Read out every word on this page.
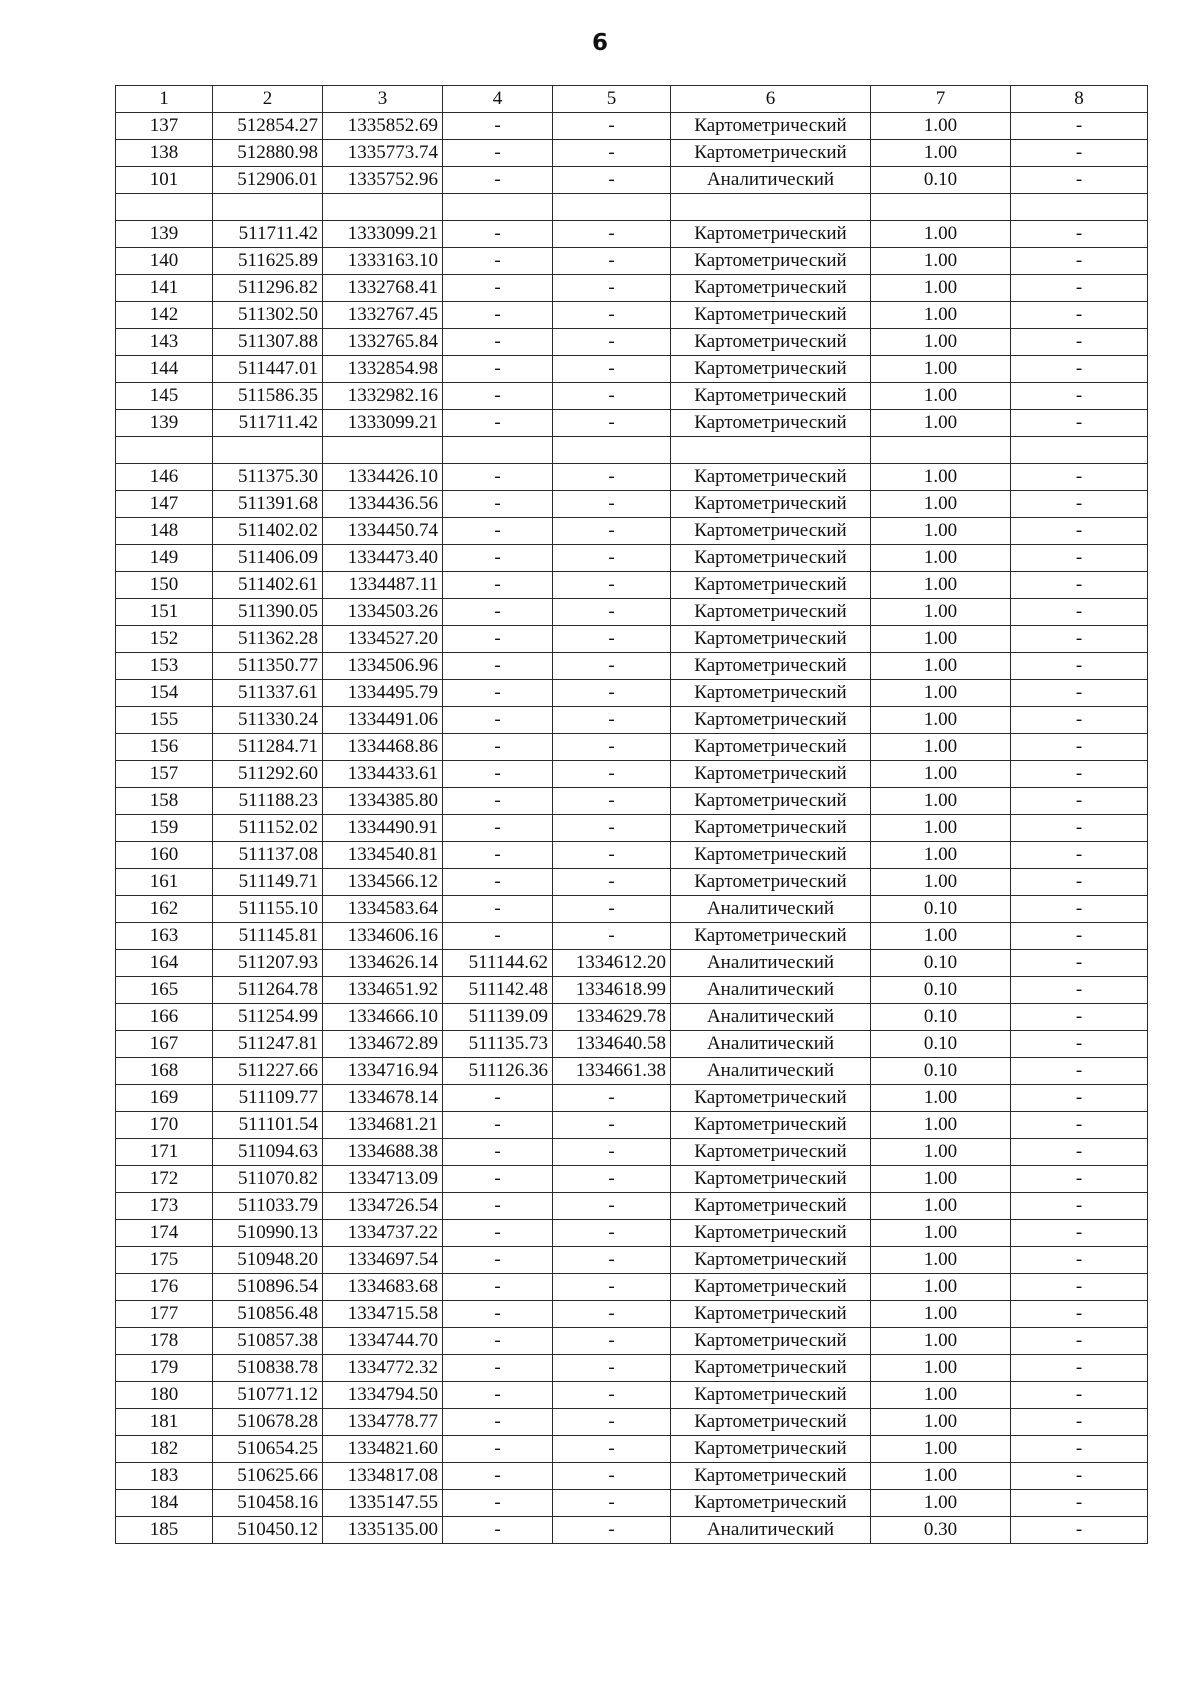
6
1	2	3	4	5	6	7	8
137	512854.27	1335852.69	-	-	Картометрический	1.00	-
138	512880.98	1335773.74	-	-	Картометрический	1.00	-
101	512906.01	1335752.96	-	-	Аналитический	0.10	-

139	511711.42	1333099.21	-	-	Картометрический	1.00	-
140	511625.89	1333163.10	-	-	Картометрический	1.00	-
141	511296.82	1332768.41	-	-	Картометрический	1.00	-
142	511302.50	1332767.45	-	-	Картометрический	1.00	-
143	511307.88	1332765.84	-	-	Картометрический	1.00	-
144	511447.01	1332854.98	-	-	Картометрический	1.00	-
145	511586.35	1332982.16	-	-	Картометрический	1.00	-
139	511711.42	1333099.21	-	-	Картометрический	1.00	-

146	511375.30	1334426.10	-	-	Картометрический	1.00	-
147	511391.68	1334436.56	-	-	Картометрический	1.00	-
148	511402.02	1334450.74	-	-	Картометрический	1.00	-
149	511406.09	1334473.40	-	-	Картометрический	1.00	-
150	511402.61	1334487.11	-	-	Картометрический	1.00	-
151	511390.05	1334503.26	-	-	Картометрический	1.00	-
152	511362.28	1334527.20	-	-	Картометрический	1.00	-
153	511350.77	1334506.96	-	-	Картометрический	1.00	-
154	511337.61	1334495.79	-	-	Картометрический	1.00	-
155	511330.24	1334491.06	-	-	Картометрический	1.00	-
156	511284.71	1334468.86	-	-	Картометрический	1.00	-
157	511292.60	1334433.61	-	-	Картометрический	1.00	-
158	511188.23	1334385.80	-	-	Картометрический	1.00	-
159	511152.02	1334490.91	-	-	Картометрический	1.00	-
160	511137.08	1334540.81	-	-	Картометрический	1.00	-
161	511149.71	1334566.12	-	-	Картометрический	1.00	-
162	511155.10	1334583.64	-	-	Аналитический	0.10	-
163	511145.81	1334606.16	-	-	Картометрический	1.00	-
164	511207.93	1334626.14	511144.62	1334612.20	Аналитический	0.10	-
165	511264.78	1334651.92	511142.48	1334618.99	Аналитический	0.10	-
166	511254.99	1334666.10	511139.09	1334629.78	Аналитический	0.10	-
167	511247.81	1334672.89	511135.73	1334640.58	Аналитический	0.10	-
168	511227.66	1334716.94	511126.36	1334661.38	Аналитический	0.10	-
169	511109.77	1334678.14	-	-	Картометрический	1.00	-
170	511101.54	1334681.21	-	-	Картометрический	1.00	-
171	511094.63	1334688.38	-	-	Картометрический	1.00	-
172	511070.82	1334713.09	-	-	Картометрический	1.00	-
173	511033.79	1334726.54	-	-	Картометрический	1.00	-
174	510990.13	1334737.22	-	-	Картометрический	1.00	-
175	510948.20	1334697.54	-	-	Картометрический	1.00	-
176	510896.54	1334683.68	-	-	Картометрический	1.00	-
177	510856.48	1334715.58	-	-	Картометрический	1.00	-
178	510857.38	1334744.70	-	-	Картометрический	1.00	-
179	510838.78	1334772.32	-	-	Картометрический	1.00	-
180	510771.12	1334794.50	-	-	Картометрический	1.00	-
181	510678.28	1334778.77	-	-	Картометрический	1.00	-
182	510654.25	1334821.60	-	-	Картометрический	1.00	-
183	510625.66	1334817.08	-	-	Картометрический	1.00	-
184	510458.16	1335147.55	-	-	Картометрический	1.00	-
185	510450.12	1335135.00	-	-	Аналитический	0.30	-
